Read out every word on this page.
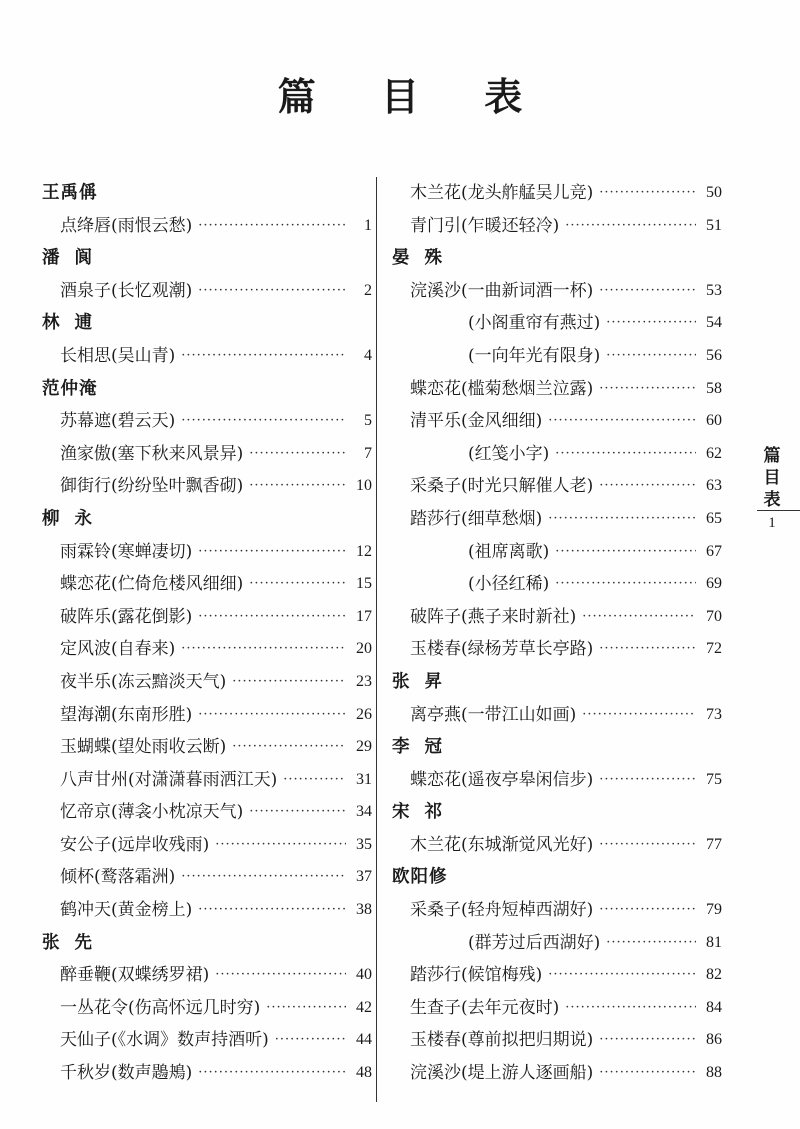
篇 目 表
王禹偁
点绛唇(雨恨云愁) ·····	1
潘阆
酒泉子(长忆观潮) ·····	2
林逋
长相思(吴山青) ·····	4
范仲淹
苏幕遮(碧云天) ·····	5
渔家傲(塞下秋来风景异) ·····	7
御街行(纷纷坠叶飘香砌) ·····	10
柳永
雨霖铃(寒蝉凄切) ·····	12
蝶恋花(伫倚危楼风细细) ·····	15
破阵乐(露花倒影) ·····	17
定风波(自春来) ·····	20
夜半乐(冻云黯淡天气) ·····	23
望海潮(东南形胜) ·····	26
玉蝴蝶(望处雨收云断) ·····	29
八声甘州(对潇潇暮雨洒江天) ·····	31
忆帝京(薄衾小枕凉天气) ·····	34
安公子(远岸收残雨) ·····	35
倾杯(鹜落霜洲) ·····	37
鹤冲天(黄金榜上) ·····	38
张先
醉垂鞭(双蝶绣罗裙) ·····	40
一丛花令(伤高怀远几时穷) ·····	42
天仙子(《水调》数声持酒听) ·····	44
千秋岁(数声鶗鴂) ·····	48
木兰花(龙头舴艋吴儿竞) ·····	50
青门引(乍暖还轻冷) ·····	51
晏殊
浣溪沙(一曲新词酒一杯) ·····	53
(小阁重帘有燕过) ·····	54
(一向年光有限身) ·····	56
蝶恋花(槛菊愁烟兰泣露) ·····	58
清平乐(金风细细) ·····	60
(红笺小字) ·····	62
采桑子(时光只解催人老) ·····	63
踏莎行(细草愁烟) ·····	65
(祖席离歌) ·····	67
(小径红稀) ·····	69
破阵子(燕子来时新社) ·····	70
玉楼春(绿杨芳草长亭路) ·····	72
张昇
离亭燕(一带江山如画) ·····	73
李冠
蝶恋花(遥夜亭皋闲信步) ·····	75
宋祁
木兰花(东城渐觉风光好) ·····	77
欧阳修
采桑子(轻舟短棹西湖好) ·····	79
(群芳过后西湖好) ·····	81
踏莎行(候馆梅残) ·····	82
生查子(去年元夜时) ·····	84
玉楼春(尊前拟把归期说) ·····	86
浣溪沙(堤上游人逐画船) ·····	88
篇目表
1
